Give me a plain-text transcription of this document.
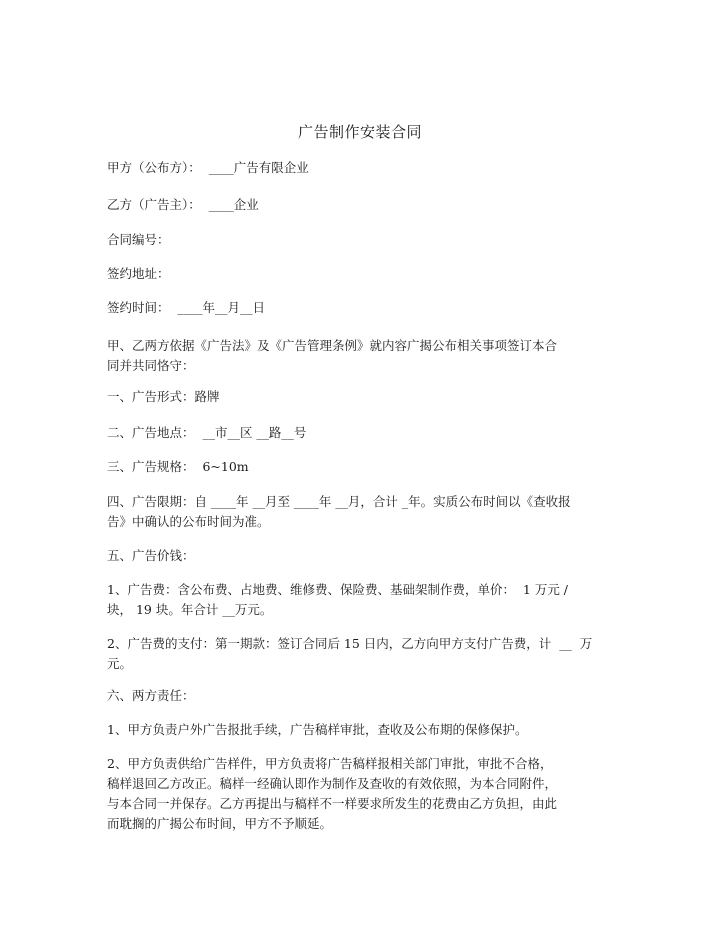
广告制作安装合同
甲方（公布方）：  ____广告有限企业
乙方（广告主）：  ____企业
合同编号：
签约地址：
签约时间：  ____年__月__日
甲、乙两方依据《广告法》及《广告管理条例》就内容广揭公布相关事项签订本合
同并共同恪守：
一、广告形式：路牌
二、广告地点：  __市__区 __路__号
三、广告规格：  6~10m
四、广告限期：自 ____年 __月至 ____年 __月，合计 _年。实质公布时间以《查收报
告》中确认的公布时间为准。
五、广告价钱：
1、广告费：含公布费、占地费、维修费、保险费、基础架制作费，单价：  1 万元 /
块， 19 块。年合计 __万元。
2、广告费的支付：第一期款：签订合同后 15 日内，乙方向甲方支付广告费，计  __  万
元。
六、两方责任：
1、甲方负责户外广告报批手续，广告稿样审批，查收及公布期的保修保护。
2、甲方负责供给广告样件，甲方负责将广告稿样报相关部门审批，审批不合格，
稿样退回乙方改正。稿样一经确认即作为制作及查收的有效依照，为本合同附件，
与本合同一并保存。乙方再提出与稿样不一样要求所发生的花费由乙方负担，由此
而耽搁的广揭公布时间，甲方不予顺延。
